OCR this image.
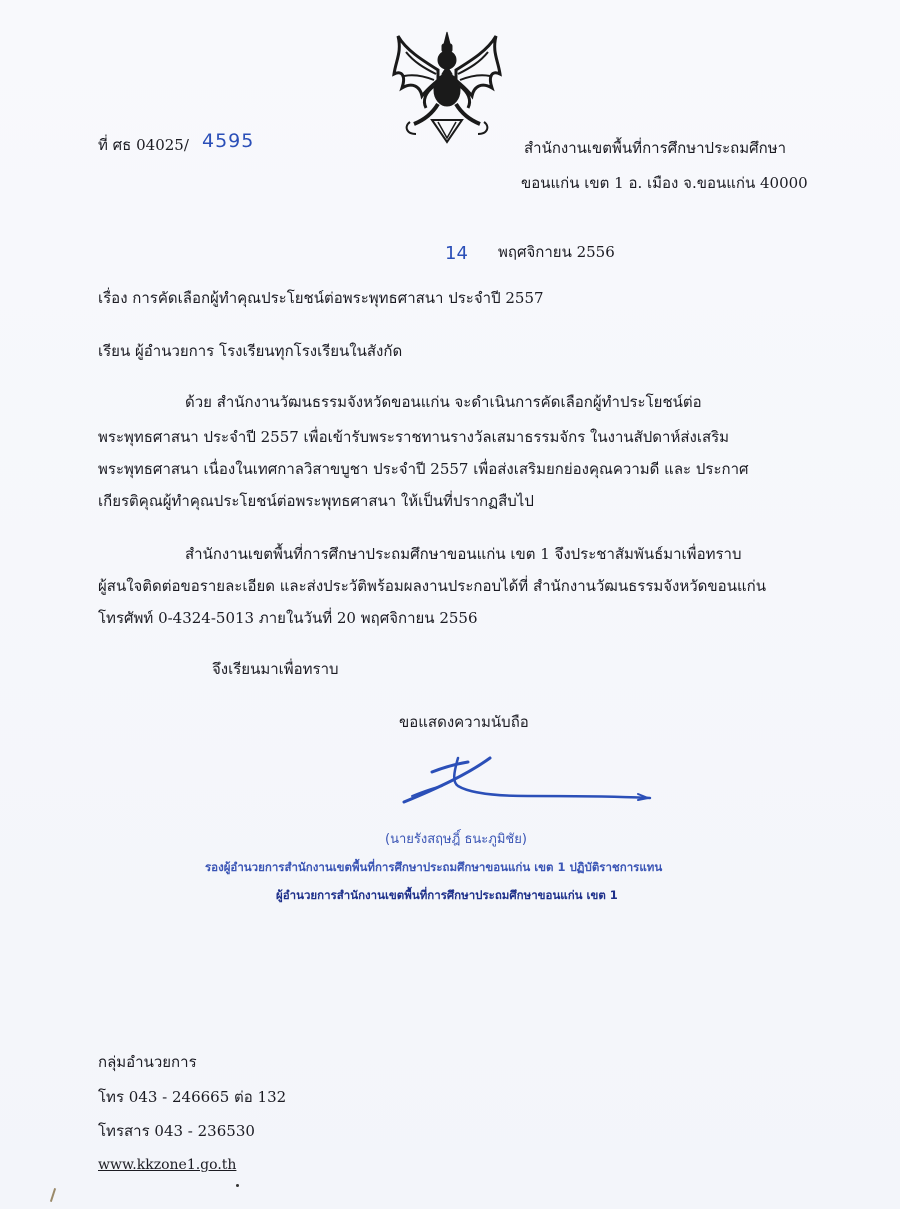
ที่ ศธ 04025/ 4595	สำนักงานเขตพื้นที่การศึกษาประถมศึกษา
ขอนแก่น เขต 1 อ. เมือง จ.ขอนแก่น 40000
14 พฤศจิกายน 2556
เรื่อง การคัดเลือกผู้ทำคุณประโยชน์ต่อพระพุทธศาสนา ประจำปี 2557
เรียน ผู้อำนวยการ โรงเรียนทุกโรงเรียนในสังกัด
ด้วย สำนักงานวัฒนธรรมจังหวัดขอนแก่น จะดำเนินการคัดเลือกผู้ทำประโยชน์ต่อ
พระพุทธศาสนา ประจำปี 2557 เพื่อเข้ารับพระราชทานรางวัลเสมาธรรมจักร ในงานสัปดาห์ส่งเสริม
พระพุทธศาสนา เนื่องในเทศกาลวิสาขบูชา ประจำปี 2557 เพื่อส่งเสริมยกย่องคุณความดี และ ประกาศ
เกียรติคุณผู้ทำคุณประโยชน์ต่อพระพุทธศาสนา ให้เป็นที่ปรากฏสืบไป
สำนักงานเขตพื้นที่การศึกษาประถมศึกษาขอนแก่น เขต 1 จึงประชาสัมพันธ์มาเพื่อทราบ
ผู้สนใจติดต่อขอรายละเอียด และส่งประวัติพร้อมผลงานประกอบได้ที่ สำนักงานวัฒนธรรมจังหวัดขอนแก่น
โทรศัพท์ 0-4324-5013 ภายในวันที่ 20 พฤศจิกายน 2556
จึงเรียนมาเพื่อทราบ
ขอแสดงความนับถือ
(นายรังสฤษฎิ์ ธนะภูมิชัย)
รองผู้อำนวยการสำนักงานเขตพื้นที่การศึกษาประถมศึกษาขอนแก่น เขต 1 ปฏิบัติราชการแทน
ผู้อำนวยการสำนักงานเขตพื้นที่การศึกษาประถมศึกษาขอนแก่น เขต 1
กลุ่มอำนวยการ
โทร 043 - 246665 ต่อ 132
โทรสาร 043 - 236530
www.kkzone1.go.th
